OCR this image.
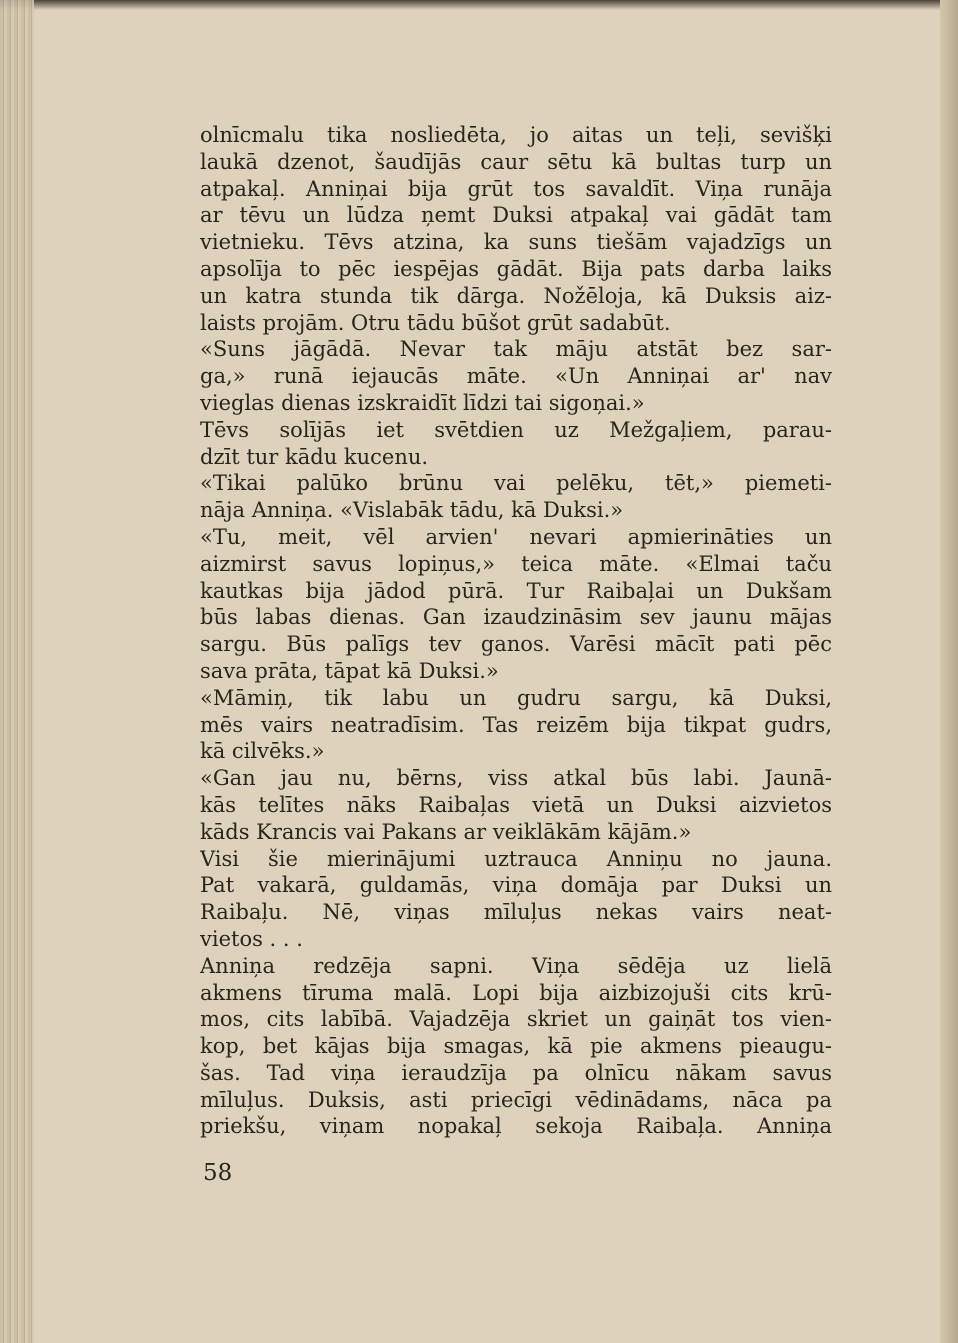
olnīcmalu tika nosliedēta, jo aitas un teļi, sevišķi
laukā dzenot, šaudījās caur sētu kā bultas turp un
atpakaļ. Anniņai bija grūt tos savaldīt. Viņa runāja
ar tēvu un lūdza ņemt Duksi atpakaļ vai gādāt tam
vietnieku. Tēvs atzina, ka suns tiešām vajadzīgs un
apsolīja to pēc iespējas gādāt. Bija pats darba laiks
un katra stunda tik dārga. Nožēloja, kā Duksis aiz-
laists projām. Otru tādu būšot grūt sadabūt.
«Suns jāgādā. Nevar tak māju atstāt bez sar-
ga,» runā iejaucās māte. «Un Anniņai ar' nav
vieglas dienas izskraidīt līdzi tai sigoņai.»
Tēvs solījās iet svētdien uz Mežgaļiem, parau-
dzīt tur kādu kucenu.
«Tikai palūko brūnu vai pelēku, tēt,» piemeti-
nāja Anniņa. «Vislabāk tādu, kā Duksi.»
«Tu, meit, vēl arvien' nevari apmierināties un
aizmirst savus lopiņus,» teica māte. «Elmai taču
kautkas bija jādod pūrā. Tur Raibaļai un Dukšam
būs labas dienas. Gan izaudzināsim sev jaunu mājas
sargu. Būs palīgs tev ganos. Varēsi mācīt pati pēc
sava prāta, tāpat kā Duksi.»
«Māmiņ, tik labu un gudru sargu, kā Duksi,
mēs vairs neatradīsim. Tas reizēm bija tikpat gudrs,
kā cilvēks.»
«Gan jau nu, bērns, viss atkal būs labi. Jaunā-
kās telītes nāks Raibaļas vietā un Duksi aizvietos
kāds Krancis vai Pakans ar veiklākām kājām.»
Visi šie mierinājumi uztrauca Anniņu no jauna.
Pat vakarā, guldamās, viņa domāja par Duksi un
Raibaļu. Nē, viņas mīluļus nekas vairs neat-
vietos . . .
Anniņa redzēja sapni. Viņa sēdēja uz lielā
akmens tīruma malā. Lopi bija aizbizojuši cits krū-
mos, cits labībā. Vajadzēja skriet un gaiņāt tos vien-
kop, bet kājas bija smagas, kā pie akmens pieaugu-
šas. Tad viņa ieraudzīja pa olnīcu nākam savus
mīluļus. Duksis, asti priecīgi vēdinādams, nāca pa
priekšu, viņam nopakaļ sekoja Raibaļa. Anniņa
58
